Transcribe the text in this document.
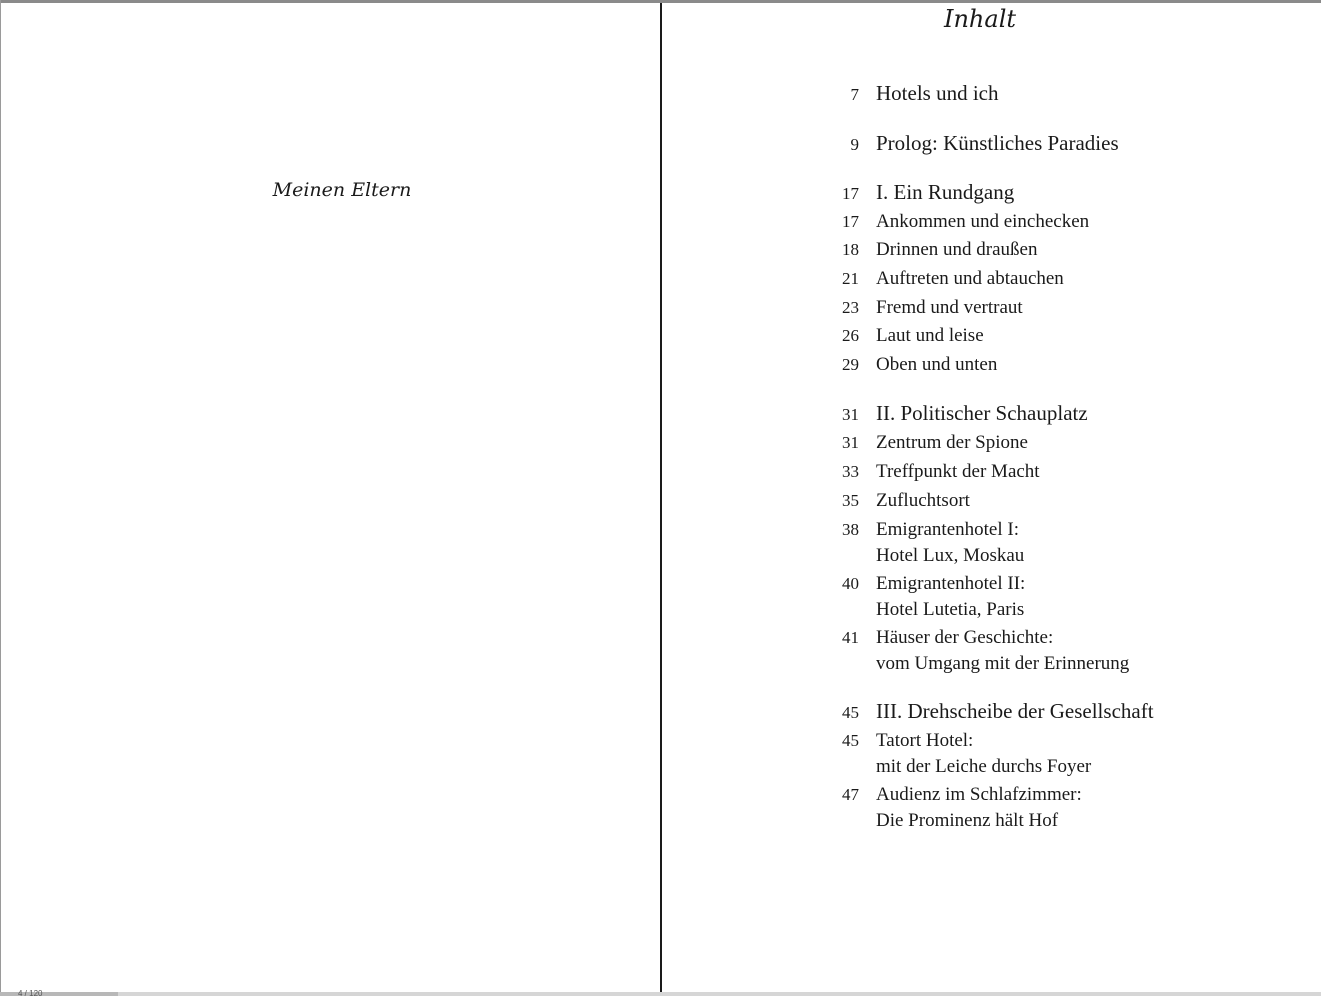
Meinen Eltern
Inhalt
7 Hotels und ich
9 Prolog: Künstliches Paradies
17 I. Ein Rundgang
17 Ankommen und einchecken
18 Drinnen und draußen
21 Auftreten und abtauchen
23 Fremd und vertraut
26 Laut und leise
29 Oben und unten
31 II. Politischer Schauplatz
31 Zentrum der Spione
33 Treffpunkt der Macht
35 Zufluchtsort
38 Emigrantenhotel I:
Hotel Lux, Moskau
40 Emigrantenhotel II:
Hotel Lutetia, Paris
41 Häuser der Geschichte:
vom Umgang mit der Erinnerung
45 III. Drehscheibe der Gesellschaft
45 Tatort Hotel:
mit der Leiche durchs Foyer
47 Audienz im Schlafzimmer:
Die Prominenz hält Hof
4 / 120
